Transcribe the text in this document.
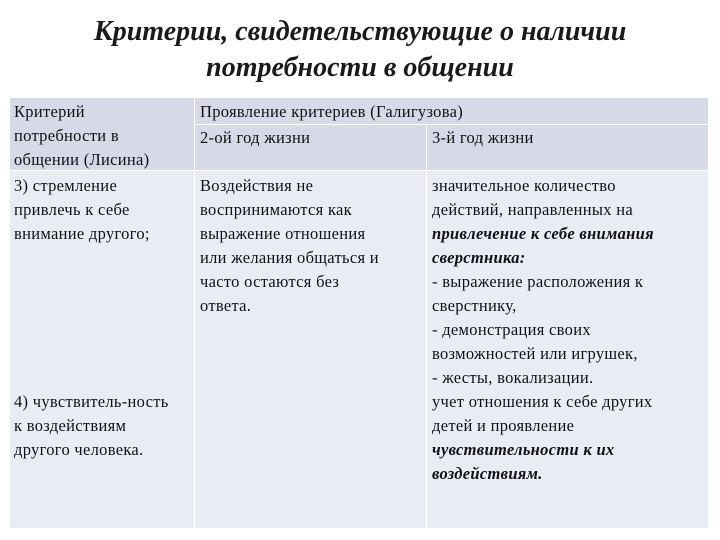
Критерии, свидетельствующие о наличии
потребности в общении
Критерий
потребности в
общении (Лисина)
Проявление критериев (Галигузова)
2-ой год жизни	3-й год жизни
3) стремление
привлечь к себе
внимание другого;
Воздействия не
воспринимаются как
выражение отношения
или желания общаться и
часто остаются без
ответа.
значительное количество
действий, направленных на
привлечение к себе внимания
сверстника:
- выражение расположения к
сверстнику,
- демонстрация своих
возможностей или игрушек,
- жесты, вокализации.
4) чувствитель-ность
к воздействиям
другого человека.
учет отношения к себе других
детей и проявление
чувствительности к их
воздействиям.
